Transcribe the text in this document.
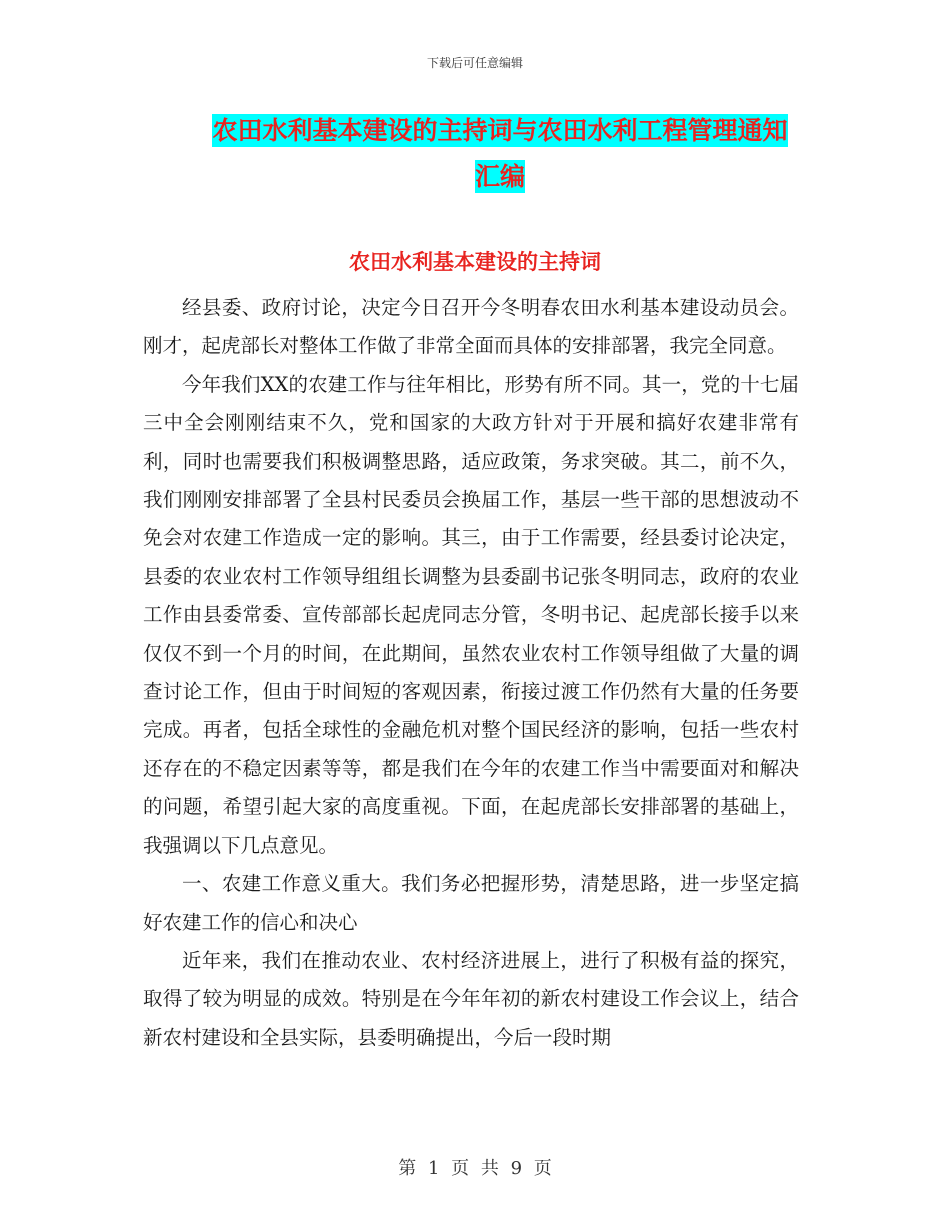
下载后可任意编辑
农田水利基本建设的主持词与农田水利工程管理通知
汇编
农田水利基本建设的主持词

经县委、政府讨论，决定今日召开今冬明春农田水利基本建设动员会。刚才，起虎部长对整体工作做了非常全面而具体的安排部署，我完全同意。

今年我们XX的农建工作与往年相比，形势有所不同。其一，党的十七届三中全会刚刚结束不久，党和国家的大政方针对于开展和搞好农建非常有利，同时也需要我们积极调整思路，适应政策，务求突破。其二，前不久，我们刚刚安排部署了全县村民委员会换届工作，基层一些干部的思想波动不免会对农建工作造成一定的影响。其三，由于工作需要，经县委讨论决定，县委的农业农村工作领导组组长调整为县委副书记张冬明同志，政府的农业工作由县委常委、宣传部部长起虎同志分管，冬明书记、起虎部长接手以来仅仅不到一个月的时间，在此期间，虽然农业农村工作领导组做了大量的调查讨论工作，但由于时间短的客观因素，衔接过渡工作仍然有大量的任务要完成。再者，包括全球性的金融危机对整个国民经济的影响，包括一些农村还存在的不稳定因素等等，都是我们在今年的农建工作当中需要面对和解决的问题，希望引起大家的高度重视。下面，在起虎部长安排部署的基础上，我强调以下几点意见。

一、农建工作意义重大。我们务必把握形势，清楚思路，进一步坚定搞好农建工作的信心和决心

近年来，我们在推动农业、农村经济进展上，进行了积极有益的探究，取得了较为明显的成效。特别是在今年年初的新农村建设工作会议上，结合新农村建设和全县实际，县委明确提出，今后一段时期

第 1 页 共 9 页
